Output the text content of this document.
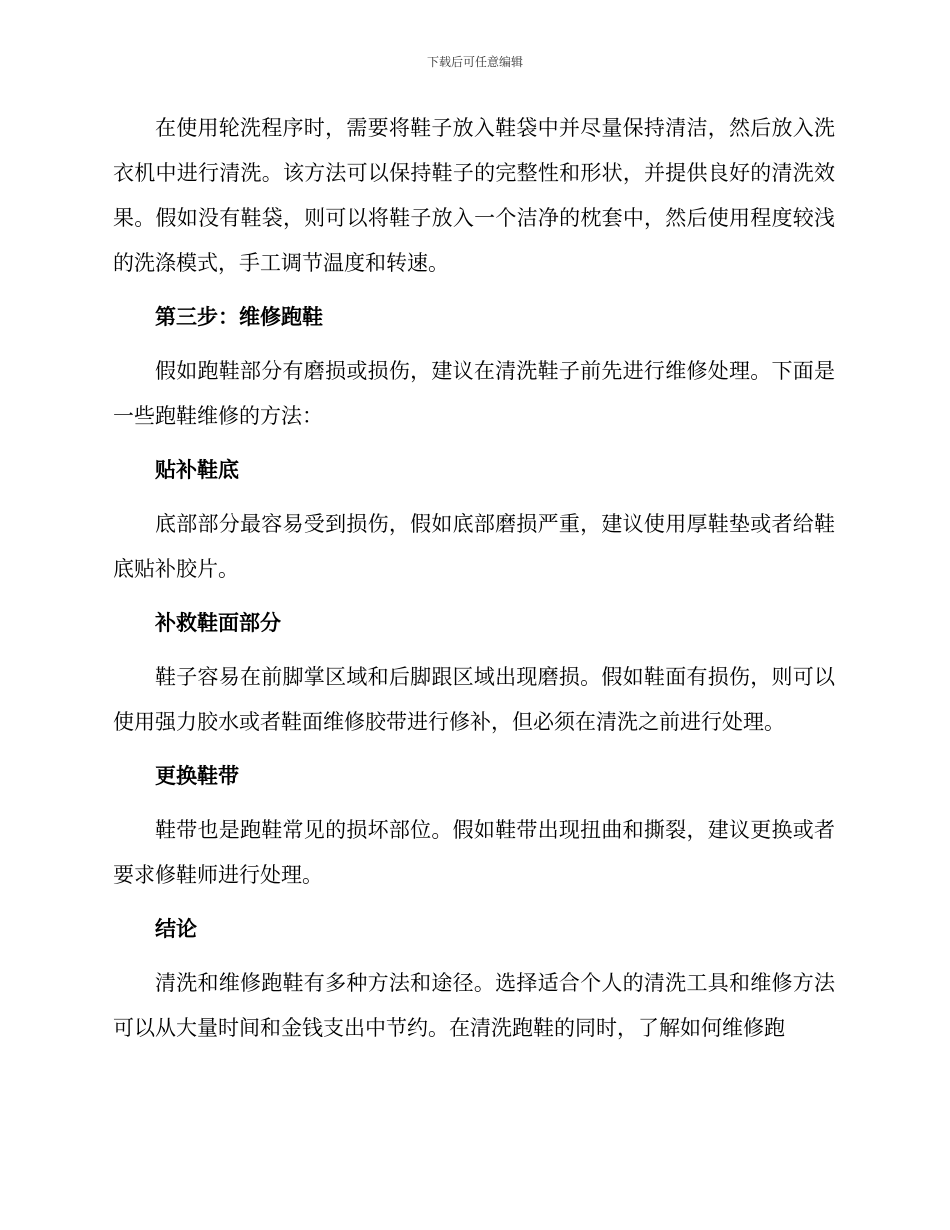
下载后可任意编辑

在使用轮洗程序时，需要将鞋子放入鞋袋中并尽量保持清洁，然后放入洗衣机中进行清洗。该方法可以保持鞋子的完整性和形状，并提供良好的清洗效果。假如没有鞋袋，则可以将鞋子放入一个洁净的枕套中，然后使用程度较浅的洗涤模式，手工调节温度和转速。

第三步：维修跑鞋

假如跑鞋部分有磨损或损伤，建议在清洗鞋子前先进行维修处理。下面是一些跑鞋维修的方法：

贴补鞋底

底部部分最容易受到损伤，假如底部磨损严重，建议使用厚鞋垫或者给鞋底贴补胶片。

补救鞋面部分

鞋子容易在前脚掌区域和后脚跟区域出现磨损。假如鞋面有损伤，则可以使用强力胶水或者鞋面维修胶带进行修补，但必须在清洗之前进行处理。

更换鞋带

鞋带也是跑鞋常见的损坏部位。假如鞋带出现扭曲和撕裂，建议更换或者要求修鞋师进行处理。

结论

清洗和维修跑鞋有多种方法和途径。选择适合个人的清洗工具和维修方法可以从大量时间和金钱支出中节约。在清洗跑鞋的同时，了解如何维修跑
